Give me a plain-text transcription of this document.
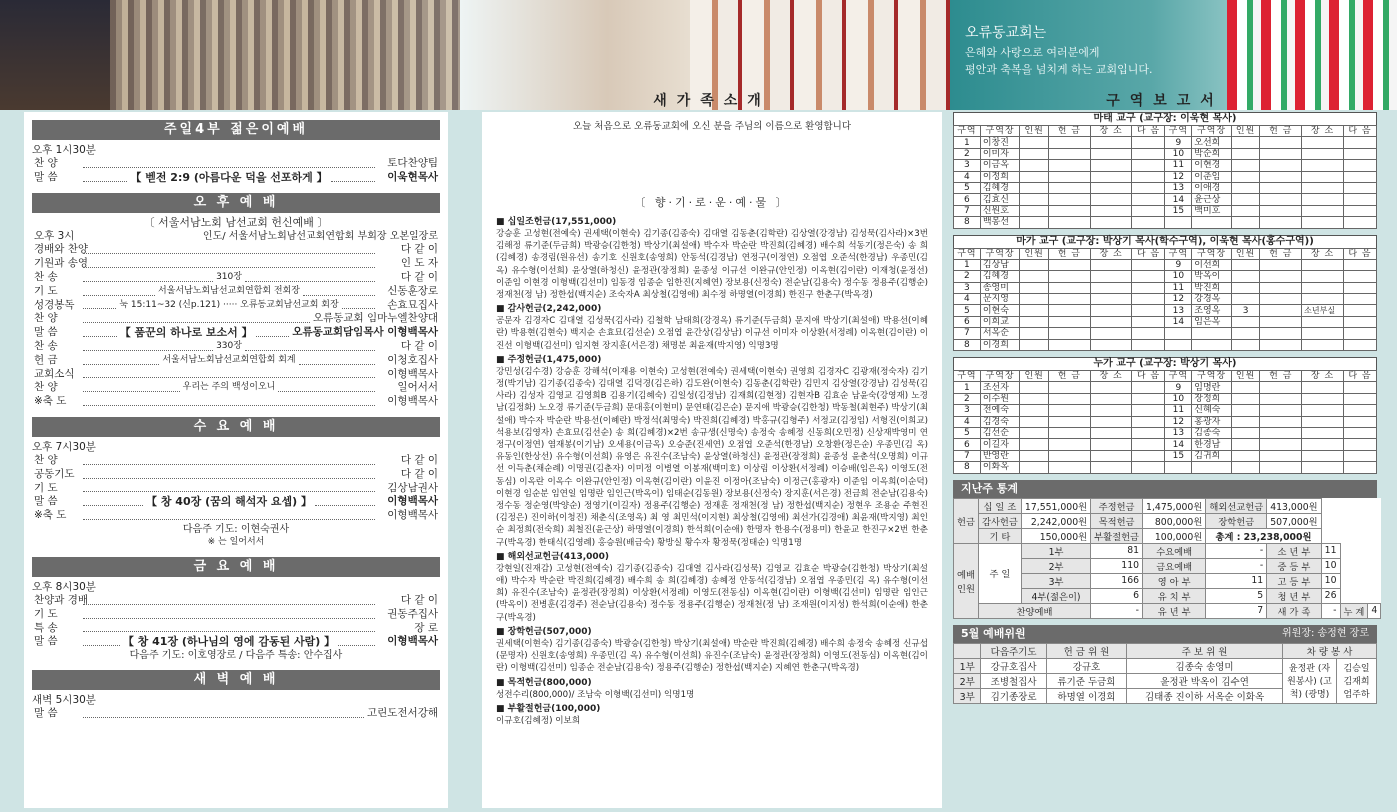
오류동교회는
은혜와 사랑으로 여러분에게
평안과 축복을 넘치게 하는 교회입니다.
새가족소개	구역보고서
주일4부 젊은이예배
오후 1시30분
찬 양	토다찬양팀
말 씀	【 벧전 2:9 (아름다운 덕을 선포하게 】	이욱현목사
오 후 예 배
〔 서울서남노회 남선교회 헌신예배 〕
오후 3시	인도/ 서울서남노회남선교회연합회 부회장 오본일장로
경배와 찬양	다 같 이
기원과 송영	인 도 자
찬 송	310장	다 같 이
기 도	서울서남노회남선교회연합회 전회장	신동훈장로
성경봉독	눅 15:11~32 (신p.121) ····· 오류동교회남선교회 회장	손효묘집사
찬 양	오류동교회 임마누엘찬양대
말 씀	【 품꾼의 하나로 보소서 】	오류동교회담임목사 이형백목사
찬 송	330장	다 같 이
헌 금	서울서남노회남선교회연합회 회계	이청호집사
교회소식	이형백목사
찬 양	우리는 주의 백성이오니	일어서서
※축 도	이형백목사
수 요 예 배
오후 7시30분
찬 양	다 같 이
공동기도	다 같 이
기 도	김상남권사
말 씀	【 창 40장 (꿈의 해석자 요셉) 】	이형백목사
※축 도	이형백목사
다음주 기도: 이현숙권사
※ 는 일어서서
금 요 예 배
오후 8시30분
찬양과 경배	다 같 이
기 도	권동주집사
특 송	장 로
말 씀	【 창 41장 (하나님의 영에 감동된 사람) 】	이형백목사
다음주 기도: 이호영장로 / 다음주 특송: 안수집사
새 벽 예 배
새벽 5시30분
말 씀	고린도전서강해
오늘 처음으로 오류동교회에 오신 분을 주님의 이름으로 환영합니다
〔 향·기·로·운·예·물 〕
■ 십일조헌금(17,551,000)
강승훈 고성현(전예숙) 권세택(이현숙) 김기종(김종숙) 김대열 김동춘(김학란) 김상열(강경남) 김성묵(김사라)×3번 김해정 류기준(두금희) 박광승(김한청) 박상기(최설애) 박수자 박순란 박진희(김혜경) 배수희 석동기(정은숙) 송 희(김혜경) 송경림(원유선) 송기호 신원호(송영희) 안동석(김경남) 연정구(이정연) 오점엽 오준석(한경남) 우종민(김 옥) 유수형(이선희) 윤상열(하청신) 윤정관(장정희) 윤종성 이규선 이완규(안인정) 이옥현(김이란) 이재청(윤정선) 이준임 이현경 이형백(김선미) 임동경 임종순 임한진(지혜연) 장보용(신정숙) 전순남(김용숙) 정수동 정용주(김행순) 정재천(정 남) 정한섭(백지순) 조숙자A 최상철(김영애) 최수정 하명열(이경희) 한진구 한춘구(박옥경)
■ 감사헌금(2,242,000)
공문자 김경자C 김대열 김성묵(김사라) 김철학 남태희(강경옥) 류기준(두금희) 문지애 박상기(최설애) 박용선(이혜란) 박용현(김현숙) 백지순 손효묘(김선순) 오점엽 윤간상(김상남) 이규선 이미자 이상환(서정례) 이옥현(김이란) 이진선 이형백(김선미) 임지현 장지훈(서은경) 채명분 최윤재(박지영) 익명3명
■ 주정헌금(1,475,000)
강민성(김수경) 강승훈 강해석(이재용 이현숙) 고성현(전예숙) 권세택(이현숙) 권영희 김경자C 김광재(정숙자) 김기정(박기남) 김기종(김종숙) 김대열 김덕경(김은하) 김도완(이현숙) 김동춘(김학란) 김민지 김상열(강경남) 김성묵(김사라) 김성자 김영교 김영희B 김용기(김혜숙) 김일성(김정남) 김재희(김현정) 김현자B 김효순 남윤숙(강영재) 노경남(김정화) 노오경 류기준(두금희) 문대홍(이현미) 문연태(김은순) 문지애 박광승(김한청) 박동철(최현주) 박상기(최설애) 박수자 박순란 박용선(이혜란) 박정석(최명숙) 박진희(김혜경) 박홍규(김형주) 서정교(김정임) 서형진(이희교) 석용보(김영자) 손효묘(김선순) 송 희(김혜경)×2번 송규생(신명숙) 송정숙 송혜정 신동희(오민정) 신상재박영미 연정구(이정연) 염재봉(이기남) 오세용(이금옥) 오승준(진세연) 오점엽 오준석(한경남) 오창환(정은순) 우종민(김 옥) 유동인(한상선) 유수형(이선희) 유영은 유진수(조남숙) 윤상열(하청신) 윤정관(장정희) 윤종성 윤춘석(오명희) 이규선 이득춘(채순례) 이명권(김춘자) 이미정 이병열 이봉재(백미호) 이상림 이상환(서정례) 이승배(임은옥) 이영도(전동심) 이옥란 이옥수 이완규(안인정) 이옥현(김이란) 이윤진 이정아(조남숙) 이정근(홍광자) 이준임 이옥희(이순덕) 이현경 임순분 임연일 임명란 임인근(박옥이) 임태순(김동원) 장보용(신정숙) 장지훈(서은경) 전금희 전순남(김용숙) 정수동 정순영(박양순) 정영기(이길자) 정용주(김행순) 정재훈 정재천(정 남) 정한섭(백지순) 정현우 조용순 주현진(김정은) 진이하(이청진) 채춘식(조영옥) 최 영 최민석(이지현) 최상철(김영애) 최선가(김경애) 최윤재(박지영) 최인순 최정희(전숙희) 최철진(윤근상) 하명열(이경희) 한석희(이순애) 한명자 한용수(정용미) 한윤교 한진구×2번 한춘구(박옥경) 한태식(김영례) 홍승원(배금숙) 황방실 황수자 황정묵(정태순) 익명1명
■ 해외선교헌금(413,000)
강현일(진재감) 고성현(전예숙) 김기종(김종숙) 김대열 김사라(김성묵) 김영교 김효순 박광승(김한청) 박상기(최설애) 박수자 박순란 박진희(김혜경) 배수희 송 희(김혜경) 송혜정 안동석(김경남) 오점엽 우종민(김 옥) 유수형(이선희) 유진수(조남숙) 윤정관(장정희) 이상환(서정례) 이영도(전동심) 이옥현(김이란) 이형백(김선미) 임명란 임인근(박옥이) 전병훈(김경주) 전순남(김용숙) 정수동 정용주(김행순) 정재천(정 남) 조재원(이지성) 한석희(이순애) 한춘구(박옥경)
■ 장학헌금(507,000)
권세택(이현숙) 김기종(김종숙) 박광승(김한청) 박상기(최설애) 박순란 박진희(김혜경) 배수희 송정숙 송혜정 신규섭(문명자) 신원호(송영희) 우종민(김 옥) 유수형(이선희) 유진수(조남숙) 윤정관(장정희) 이영도(전동심) 이옥현(김이란) 이형백(김선미) 임종순 전순남(김용숙) 정용주(김행순) 정한섭(백지순) 지혜연 한춘구(박옥경)
■ 목적헌금(800,000)
성전수리(800,000)/ 조남숙 이형백(김선미) 익명1명
■ 부활절헌금(100,000)
이규호(김혜정) 이보희
마태 교구 (교구장: 이욱현 목사)
구역	구역장	인원	헌 금	장 소	다 음	구역	구역장	인원	헌 금	장 소	다 음
1	이창진					9	오선희				
2	이미자					10	박순희				
3	이금옥					11	이현경				
4	이정희					12	이춘임				
5	김혜경					13	이애경				
6	김효신					14	윤근상				
7	신원호					15	백미호				
8	백봉선										
마가 교구 (교구장: 박상기 목사(학수구역), 이욱현 목사(홍수구역))
구역	구역장	인원	헌 금	장 소	다 음	구역	구역장	인원	헌 금	장 소	다 음
1	김상남					9	이선희				
2	김혜경					10	박옥이				
3	송영미					11	박진희				
4	문지영					12	강경옥				
5	이현숙					13	조영옥	3		소년부실	
6	이희교					14	임은옥				
7	서옥순										
8	이경희										
누가 교구 (교구장: 박상기 목사)
구역	구역장	인원	헌 금	장 소	다 음	구역	구역장	인원	헌 금	장 소	다 음
1	조선자					9	임명란				
2	이수원					10	장정희				
3	전예숙					11	신혜숙				
4	김경숙					12	홍광자				
5	김선순					13	김종숙				
6	이길자					14	한경남				
7	반영란					15	김귀희				
8	이화옥										
지난주 통계
헌금	십 일 조	17,551,000원	주정헌금	1,475,000원	해외선교헌금	413,000원			
	감사헌금	2,242,000원	목적헌금	800,000원	장학헌금	507,000원			
	기 타	150,000원	부활절헌금	100,000원	총계 : 23,238,000원				
예배 인원	주 일	1부	81	수요예배	-	소 년 부	11		
		2부	110	금요예배	-	중 등 부	10		
		3부	166	영 아 부	11	고 등 부	10		
		4부(젊은이)	6	유 치 부	5	청 년 부	26		
	찬양예배		-	유 년 부	7	새 가 족	-	누 계	4
5월 예배위원	위원장: 송정현 장로
	다음주기도	헌 금 위 원	주 보 위 원	차 량 봉 사	
1부	강규호집사	강규호	김종숙 송영미	윤정관 (자원봉사) (고척) (광명)	김승일 김재희 엄주하
2부	조병철집사	류기준 두금희	윤정관 박옥이 김수연		
3부	김기종장로	하명열 이경희	김태종 진이하 서옥순 이화옥		
